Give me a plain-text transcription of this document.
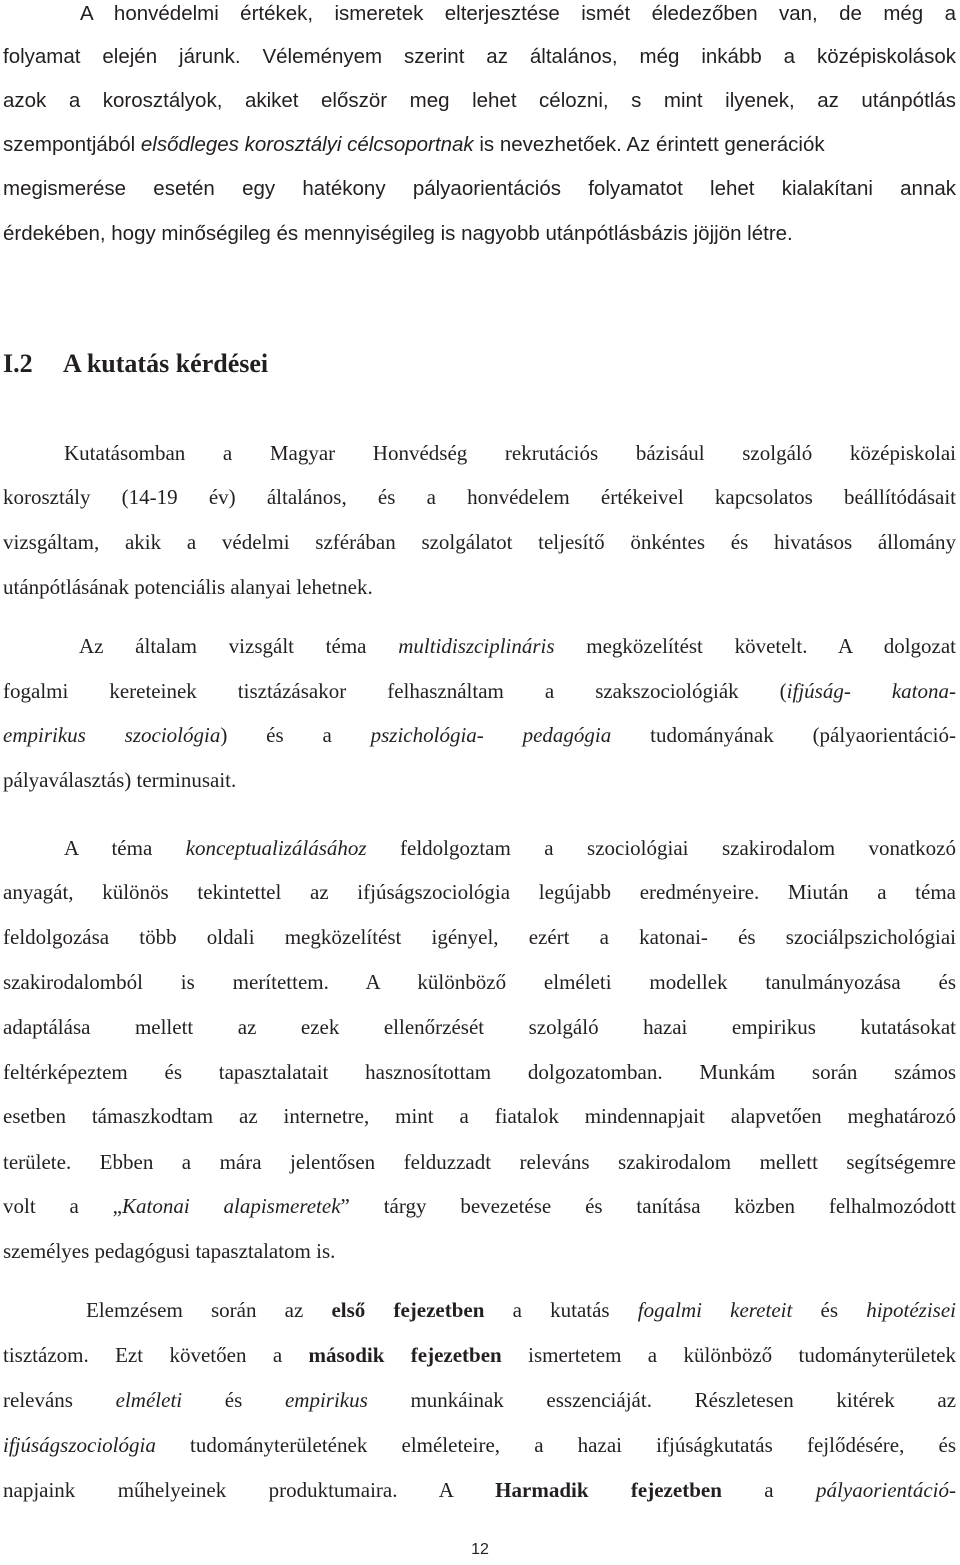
A honvédelmi értékek, ismeretek elterjesztése ismét éledezőben van, de még a
folyamat elején járunk. Véleményem szerint az általános, még inkább a középiskolások
azok a korosztályok, akiket először meg lehet célozni, s mint ilyenek, az utánpótlás
szempontjából elsődleges korosztályi célcsoportnak is nevezhetőek. Az érintett generációk
megismerése esetén egy hatékony pályaorientációs folyamatot lehet kialakítani annak
érdekében, hogy minőségileg és mennyiségileg is nagyobb utánpótlásbázis jöjjön létre.
I.2 A kutatás kérdései
Kutatásomban a Magyar Honvédség rekrutációs bázisául szolgáló középiskolai
korosztály (14-19 év) általános, és a honvédelem értékeivel kapcsolatos beállítódásait
vizsgáltam, akik a védelmi szférában szolgálatot teljesítő önkéntes és hivatásos állomány
utánpótlásának potenciális alanyai lehetnek.
Az általam vizsgált téma multidiszciplináris megközelítést követelt. A dolgozat
fogalmi kereteinek tisztázásakor felhasználtam a szakszociológiák (ifjúság- katona-
empirikus szociológia) és a pszichológia- pedagógia tudományának (pályaorientáció-
pályaválasztás) terminusait.
A téma konceptualizálásához feldolgoztam a szociológiai szakirodalom vonatkozó
anyagát, különös tekintettel az ifjúságszociológia legújabb eredményeire. Miután a téma
feldolgozása több oldali megközelítést igényel, ezért a katonai- és szociálpszichológiai
szakirodalomból is merítettem. A különböző elméleti modellek tanulmányozása és
adaptálása mellett az ezek ellenőrzését szolgáló hazai empirikus kutatásokat
feltérképeztem és tapasztalatait hasznosítottam dolgozatomban. Munkám során számos
esetben támaszkodtam az internetre, mint a fiatalok mindennapjait alapvetően meghatározó
területe. Ebben a mára jelentősen felduzzadt releváns szakirodalom mellett segítségemre
volt a „Katonai alapismeretek” tárgy bevezetése és tanítása közben felhalmozódott
személyes pedagógusi tapasztalatom is.
Elemzésem során az első fejezetben a kutatás fogalmi kereteit és hipotézisei
tisztázom. Ezt követően a második fejezetben ismertetem a különböző tudományterületek
releváns elméleti és empirikus munkáinak esszenciáját. Részletesen kitérek az
ifjúságszociológia tudományterületének elméleteire, a hazai ifjúságkutatás fejlődésére, és
napjaink műhelyeinek produktumaira. A Harmadik fejezetben a pályaorientáció-
12
